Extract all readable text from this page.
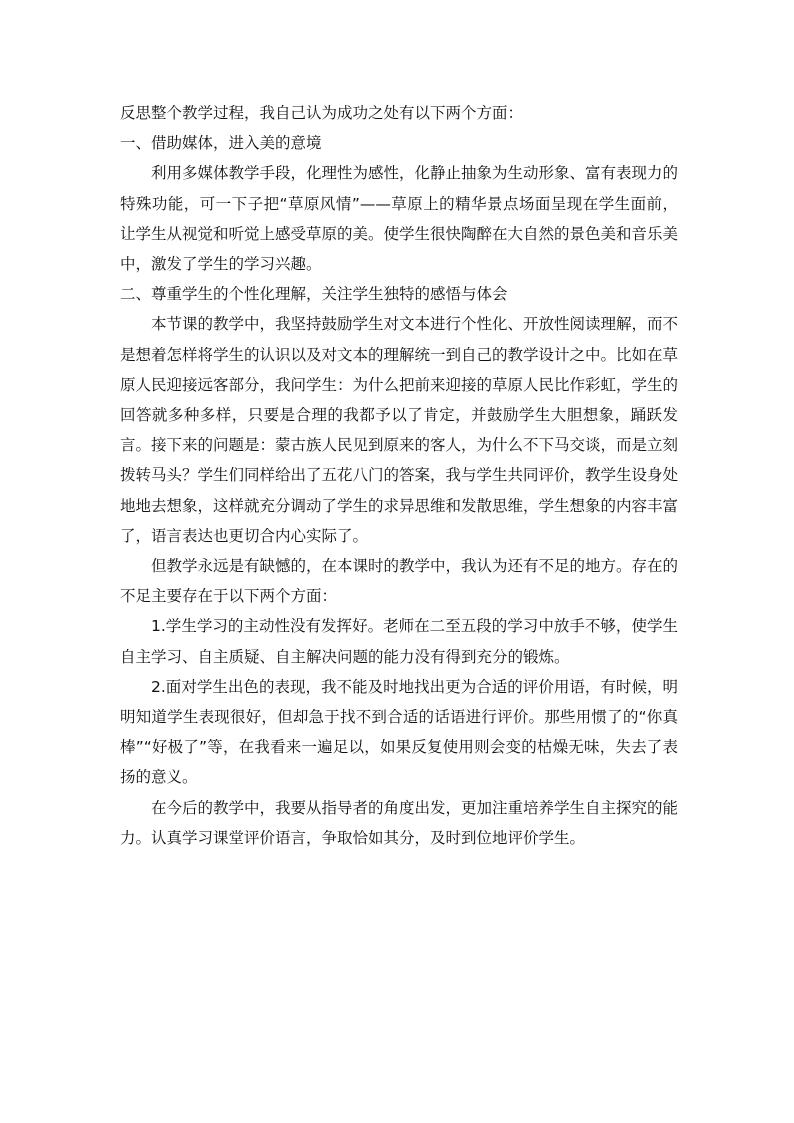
反思整个教学过程，我自己认为成功之处有以下两个方面：

一、借助媒体，进入美的意境

利用多媒体教学手段，化理性为感性，化静止抽象为生动形象、富有表现力的特殊功能，可一下子把“草原风情”——草原上的精华景点场面呈现在学生面前，让学生从视觉和听觉上感受草原的美。使学生很快陶醉在大自然的景色美和音乐美中，激发了学生的学习兴趣。

二、尊重学生的个性化理解，关注学生独特的感悟与体会

本节课的教学中，我坚持鼓励学生对文本进行个性化、开放性阅读理解，而不是想着怎样将学生的认识以及对文本的理解统一到自己的教学设计之中。比如在草原人民迎接远客部分，我问学生：为什么把前来迎接的草原人民比作彩虹，学生的回答就多种多样，只要是合理的我都予以了肯定，并鼓励学生大胆想象，踊跃发言。接下来的问题是：蒙古族人民见到原来的客人，为什么不下马交谈，而是立刻拨转马头？学生们同样给出了五花八门的答案，我与学生共同评价，教学生设身处地地去想象，这样就充分调动了学生的求异思维和发散思维，学生想象的内容丰富了，语言表达也更切合内心实际了。

但教学永远是有缺憾的，在本课时的教学中，我认为还有不足的地方。存在的不足主要存在于以下两个方面：

1.学生学习的主动性没有发挥好。老师在二至五段的学习中放手不够，使学生自主学习、自主质疑、自主解决问题的能力没有得到充分的锻炼。

2.面对学生出色的表现，我不能及时地找出更为合适的评价用语，有时候，明明知道学生表现很好，但却急于找不到合适的话语进行评价。那些用惯了的“你真棒”“好极了”等，在我看来一遍足以，如果反复使用则会变的枯燥无味，失去了表扬的意义。

在今后的教学中，我要从指导者的角度出发，更加注重培养学生自主探究的能力。认真学习课堂评价语言，争取恰如其分，及时到位地评价学生。
